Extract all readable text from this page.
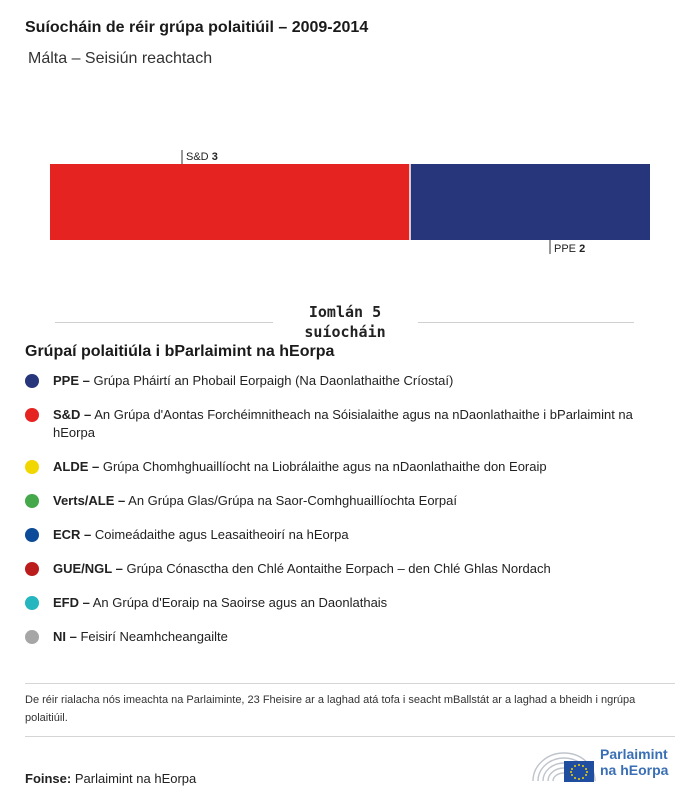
Suíocháin de réir grúpa polaitiúil – 2009-2014
Málta – Seisiún reachtach
S&D 3
PPE 2
Iomlán 5 suíocháin
Grúpaí polaitiúla i bParlaimint na hEorpa
PPE – Grúpa Pháirtí an Phobail Eorpaigh (Na Daonlathaithe Críostaí)
S&D – An Grúpa d'Aontas Forchéimnitheach na Sóisialaithe agus na nDaonlathaithe i bParlaimint na hEorpa
ALDE – Grúpa Chomhghuaillíocht na Liobrálaithe agus na nDaonlathaithe don Eoraip
Verts/ALE – An Grúpa Glas/Grúpa na Saor-Comhghuaillíochta Eorpaí
ECR – Coimeádaithe agus Leasaitheoirí na hEorpa
GUE/NGL – Grúpa Cónasctha den Chlé Aontaithe Eorpach – den Chlé Ghlas Nordach
EFD – An Grúpa d'Eoraip na Saoirse agus an Daonlathais
NI – Feisirí Neamhcheangailte
De réir rialacha nós imeachta na Parlaiminte, 23 Fheisire ar a laghad atá tofa i seacht mBallstát ar a laghad a bheidh i ngrúpa polaitiúil.
Foinse: Parlaimint na hEorpa
Parlaimint
na hEorpa
